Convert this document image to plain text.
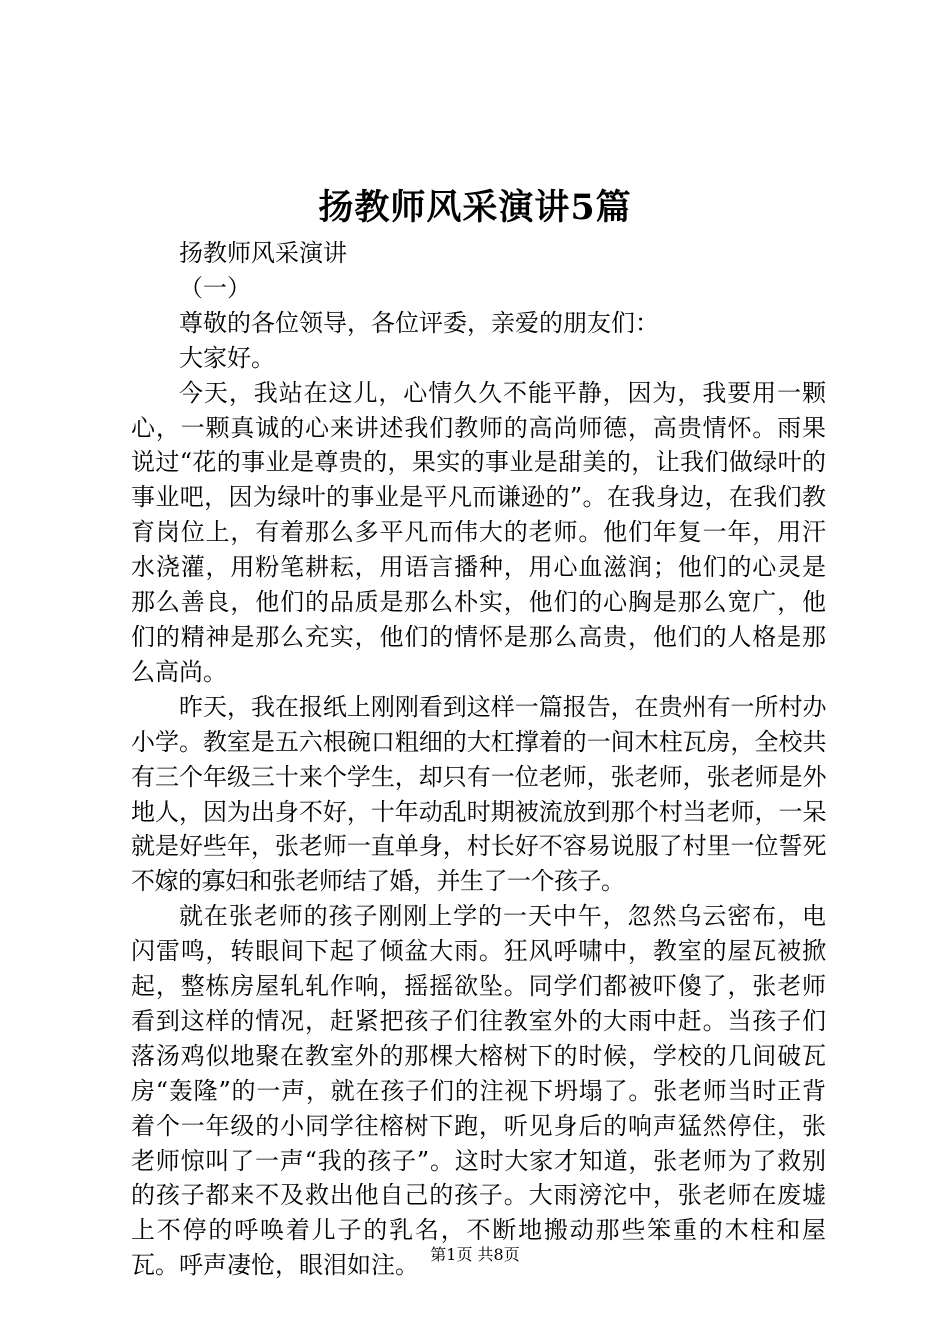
扬教师风采演讲5篇

扬教师风采演讲

（一）

尊敬的各位领导，各位评委，亲爱的朋友们：

大家好。

今天，我站在这儿，心情久久不能平静，因为，我要用一颗心，一颗真诚的心来讲述我们教师的高尚师德，高贵情怀。雨果说过“花的事业是尊贵的，果实的事业是甜美的，让我们做绿叶的事业吧，因为绿叶的事业是平凡而谦逊的”。在我身边，在我们教育岗位上，有着那么多平凡而伟大的老师。他们年复一年，用汗水浇灌，用粉笔耕耘，用语言播种，用心血滋润；他们的心灵是那么善良，他们的品质是那么朴实，他们的心胸是那么宽广，他们的精神是那么充实，他们的情怀是那么高贵，他们的人格是那么高尚。

昨天，我在报纸上刚刚看到这样一篇报告，在贵州有一所村办小学。教室是五六根碗口粗细的大杠撑着的一间木柱瓦房，全校共有三个年级三十来个学生，却只有一位老师，张老师，张老师是外地人，因为出身不好，十年动乱时期被流放到那个村当老师，一呆就是好些年，张老师一直单身，村长好不容易说服了村里一位誓死不嫁的寡妇和张老师结了婚，并生了一个孩子。

就在张老师的孩子刚刚上学的一天中午，忽然乌云密布，电闪雷鸣，转眼间下起了倾盆大雨。狂风呼啸中，教室的屋瓦被掀起，整栋房屋轧轧作响，摇摇欲坠。同学们都被吓傻了，张老师看到这样的情况，赶紧把孩子们往教室外的大雨中赶。当孩子们落汤鸡似地聚在教室外的那棵大榕树下的时候，学校的几间破瓦房“轰隆”的一声，就在孩子们的注视下坍塌了。张老师当时正背着个一年级的小同学往榕树下跑，听见身后的响声猛然停住，张老师惊叫了一声“我的孩子”。这时大家才知道，张老师为了救别的孩子都来不及救出他自己的孩子。大雨滂沱中，张老师在废墟上不停的呼唤着儿子的乳名，不断地搬动那些笨重的木柱和屋瓦。呼声凄怆，眼泪如注。 第1页 共8页
